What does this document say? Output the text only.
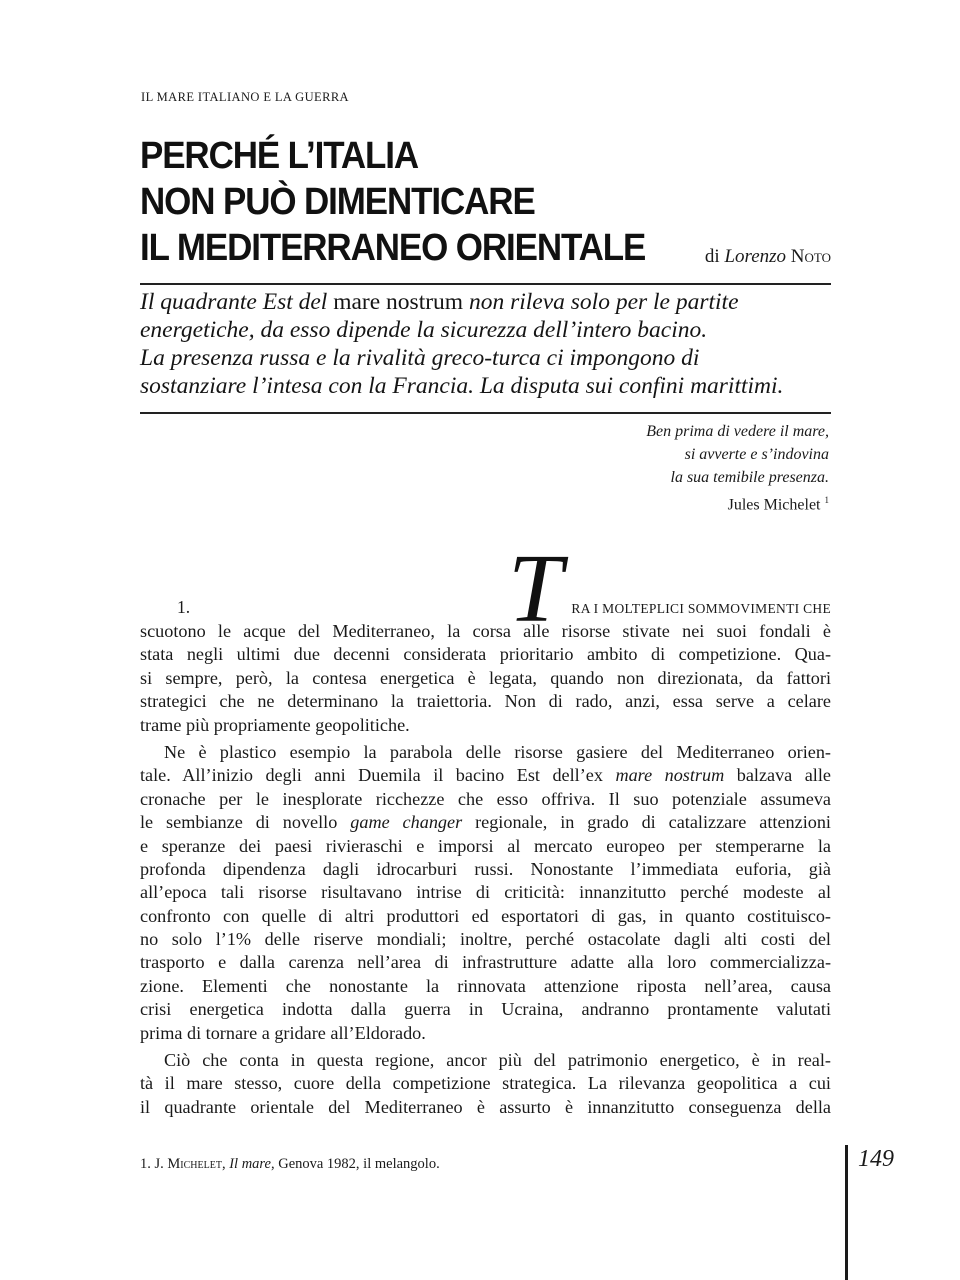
IL MARE ITALIANO E LA GUERRA
PERCHÉ L’ITALIA
NON PUÒ DIMENTICARE
IL MEDITERRANEO ORIENTALE	di Lorenzo Noto
Il quadrante Est del mare nostrum non rileva solo per le partite
energetiche, da esso dipende la sicurezza dell’intero bacino.
La presenza russa e la rivalità greco-turca ci impongono di
sostanziare l’intesa con la Francia. La disputa sui confini marittimi.
Ben prima di vedere il mare,
si avverte e s’indovina
la sua temibile presenza.
Jules Michelet $^1$
1.	T RA I MOLTEPLICI SOMMOVIMENTI CHE
scuotono le acque del Mediterraneo, la corsa alle risorse stivate nei suoi fondali è
stata negli ultimi due decenni considerata prioritario ambito di competizione. Qua-
si sempre, però, la contesa energetica è legata, quando non direzionata, da fattori
strategici che ne determinano la traiettoria. Non di rado, anzi, essa serve a celare
trame più propriamente geopolitiche.
Ne è plastico esempio la parabola delle risorse gasiere del Mediterraneo orien-
tale. All’inizio degli anni Duemila il bacino Est dell’ex mare nostrum balzava alle
cronache per le inesplorate ricchezze che esso offriva. Il suo potenziale assumeva
le sembianze di novello game changer regionale, in grado di catalizzare attenzioni
e speranze dei paesi rivieraschi e imporsi al mercato europeo per stemperarne la
profonda dipendenza dagli idrocarburi russi. Nonostante l’immediata euforia, già
all’epoca tali risorse risultavano intrise di criticità: innanzitutto perché modeste al
confronto con quelle di altri produttori ed esportatori di gas, in quanto costituisco-
no solo l’1% delle riserve mondiali; inoltre, perché ostacolate dagli alti costi del
trasporto e dalla carenza nell’area di infrastrutture adatte alla loro commercializza-
zione. Elementi che nonostante la rinnovata attenzione riposta nell’area, causa
crisi energetica indotta dalla guerra in Ucraina, andranno prontamente valutati
prima di tornare a gridare all’Eldorado.
Ciò che conta in questa regione, ancor più del patrimonio energetico, è in real-
tà il mare stesso, cuore della competizione strategica. La rilevanza geopolitica a cui
il quadrante orientale del Mediterraneo è assurto è innanzitutto conseguenza della
1. J. Michelet, Il mare, Genova 1982, il melangolo.	149
